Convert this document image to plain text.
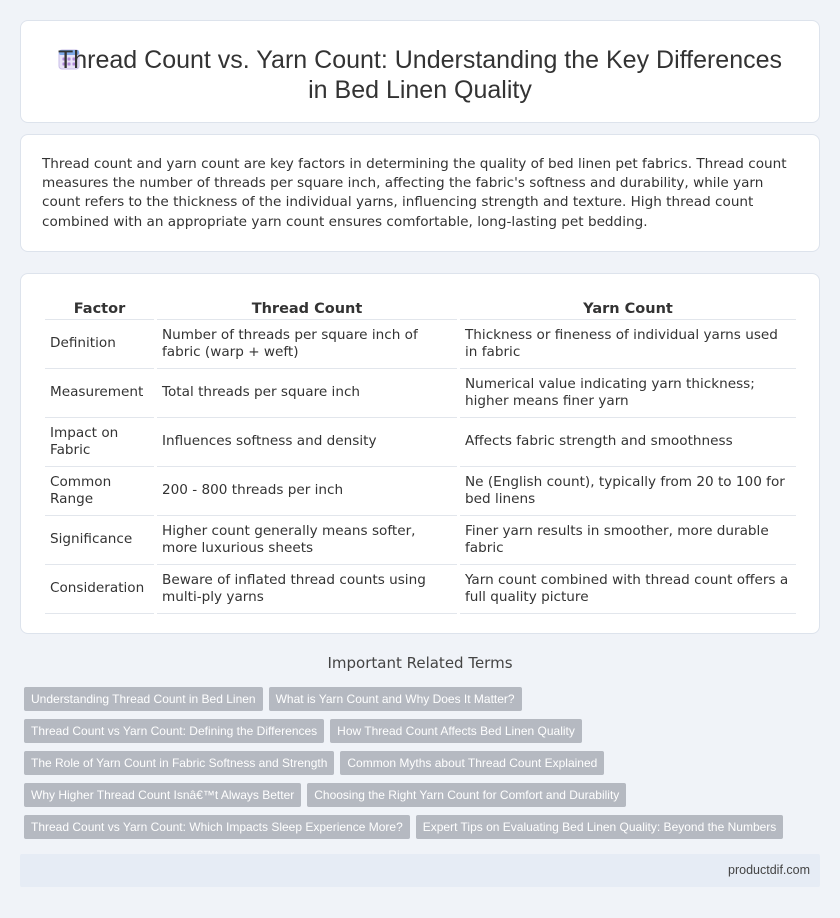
Thread Count vs. Yarn Count: Understanding the Key Differences
in Bed Linen Quality

Thread count and yarn count are key factors in determining the quality of bed linen pet fabrics. Thread count measures the number of threads per square inch, affecting the fabric's softness and durability, while yarn count refers to the thickness of the individual yarns, influencing strength and texture. High thread count combined with an appropriate yarn count ensures comfortable, long-lasting pet bedding.

Factor	Thread Count	Yarn Count
Definition	Number of threads per square inch of fabric (warp + weft)	Thickness or fineness of individual yarns used in fabric
Measurement	Total threads per square inch	Numerical value indicating yarn thickness; higher means finer yarn
Impact on Fabric	Influences softness and density	Affects fabric strength and smoothness
Common Range	200 - 800 threads per inch	Ne (English count), typically from 20 to 100 for bed linens
Significance	Higher count generally means softer, more luxurious sheets	Finer yarn results in smoother, more durable fabric
Consideration	Beware of inflated thread counts using multi-ply yarns	Yarn count combined with thread count offers a full quality picture
Important Related Terms
Understanding Thread Count in Bed Linen What is Yarn Count and Why Does It Matter?
Thread Count vs Yarn Count: Defining the Differences How Thread Count Affects Bed Linen Quality
The Role of Yarn Count in Fabric Softness and Strength Common Myths about Thread Count Explained
Why Higher Thread Count Isnâ€™t Always Better Choosing the Right Yarn Count for Comfort and Durability
Thread Count vs Yarn Count: Which Impacts Sleep Experience More? Expert Tips on Evaluating Bed Linen Quality: Beyond the Numbers
productdif.com
